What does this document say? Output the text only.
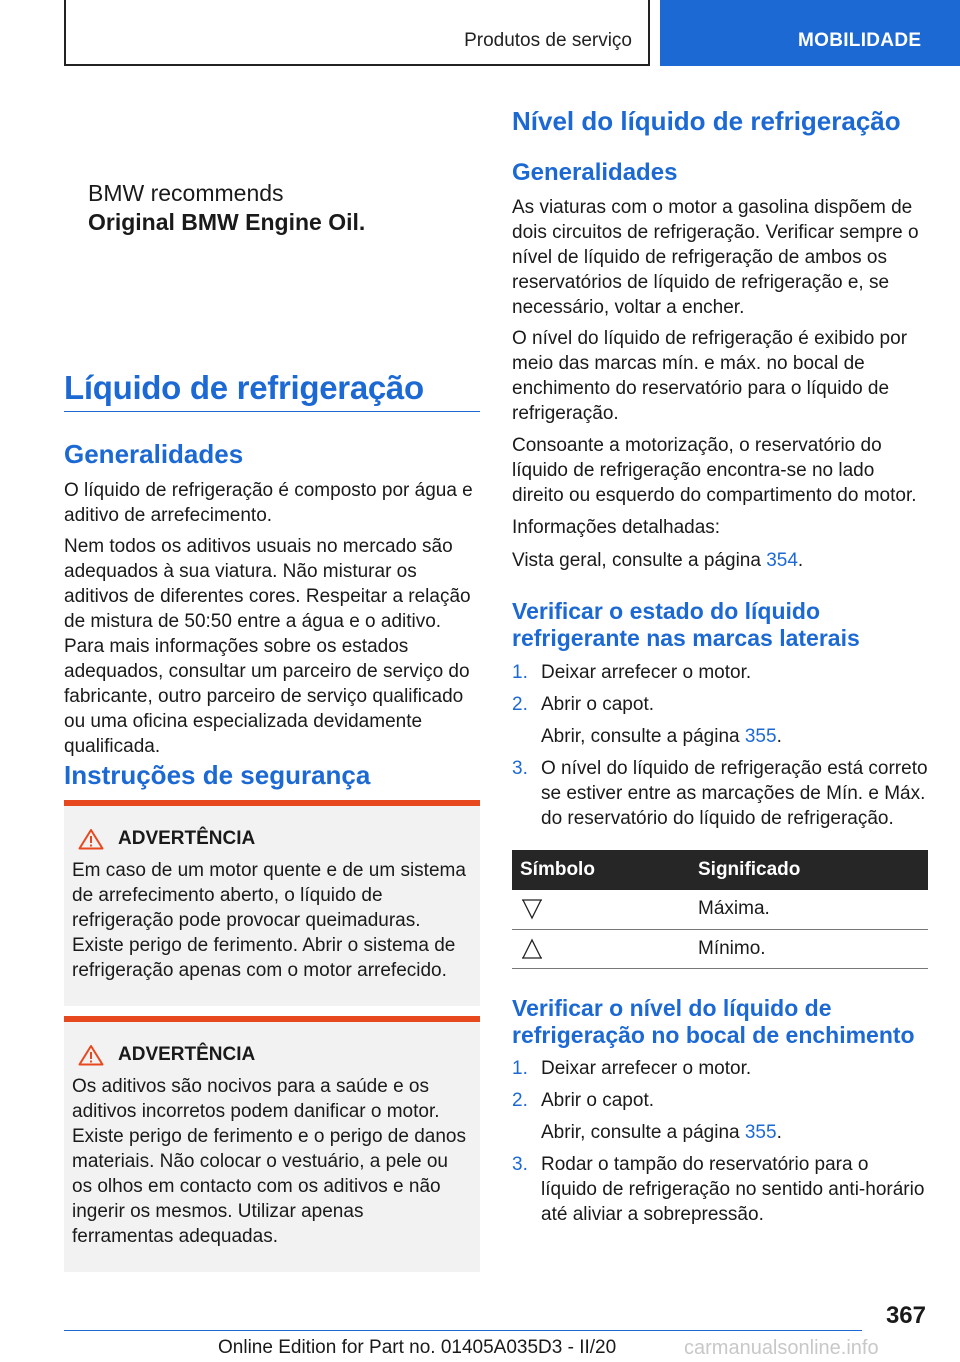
Produtos de serviço	MOBILIDADE
BMW recommends
Original BMW Engine Oil.
Líquido de refrigeração
Generalidades
O líquido de refrigeração é composto por água e aditivo de arrefecimento.
Nem todos os aditivos usuais no mercado são adequados à sua viatura. Não misturar os aditivos de diferentes cores. Respeitar a relação de mistura de 50:50 entre a água e o aditivo. Para mais informações sobre os estados adequados, consultar um parceiro de serviço do fabricante, outro parceiro de serviço qualificado ou uma oficina especializada devidamente qualificada.
Instruções de segurança
ADVERTÊNCIA
Em caso de um motor quente e de um sistema de arrefecimento aberto, o líquido de refrigeração pode provocar queimaduras. Existe perigo de ferimento. Abrir o sistema de refrigeração apenas com o motor arrefecido.
ADVERTÊNCIA
Os aditivos são nocivos para a saúde e os aditivos incorretos podem danificar o motor. Existe perigo de ferimento e o perigo de danos materiais. Não colocar o vestuário, a pele ou os olhos em contacto com os aditivos e não ingerir os mesmos. Utilizar apenas ferramentas adequadas.
Nível do líquido de refrigeração
Generalidades
As viaturas com o motor a gasolina dispõem de dois circuitos de refrigeração. Verificar sempre o nível de líquido de refrigeração de ambos os reservatórios de líquido de refrigeração e, se necessário, voltar a encher.
O nível do líquido de refrigeração é exibido por meio das marcas mín. e máx. no bocal de enchimento do reservatório para o líquido de refrigeração.
Consoante a motorização, o reservatório do líquido de refrigeração encontra-se no lado direito ou esquerdo do compartimento do motor.
Informações detalhadas:
Vista geral, consulte a página 354.
Verificar o estado do líquido refrigerante nas marcas laterais
1. Deixar arrefecer o motor.
2. Abrir o capot.
Abrir, consulte a página 355.
3. O nível do líquido de refrigeração está correto se estiver entre as marcações de Mín. e Máx. do reservatório do líquido de refrigeração.
Símbolo	Significado

	Máxima.

	Mínimo.
Verificar o nível do líquido de refrigeração no bocal de enchimento
1. Deixar arrefecer o motor.
2. Abrir o capot.
Abrir, consulte a página 355.
3. Rodar o tampão do reservatório para o líquido de refrigeração no sentido anti-horário até aliviar a sobrepressão.
367
Online Edition for Part no. 01405A035D3 - II/20	carmanualsonline.info
